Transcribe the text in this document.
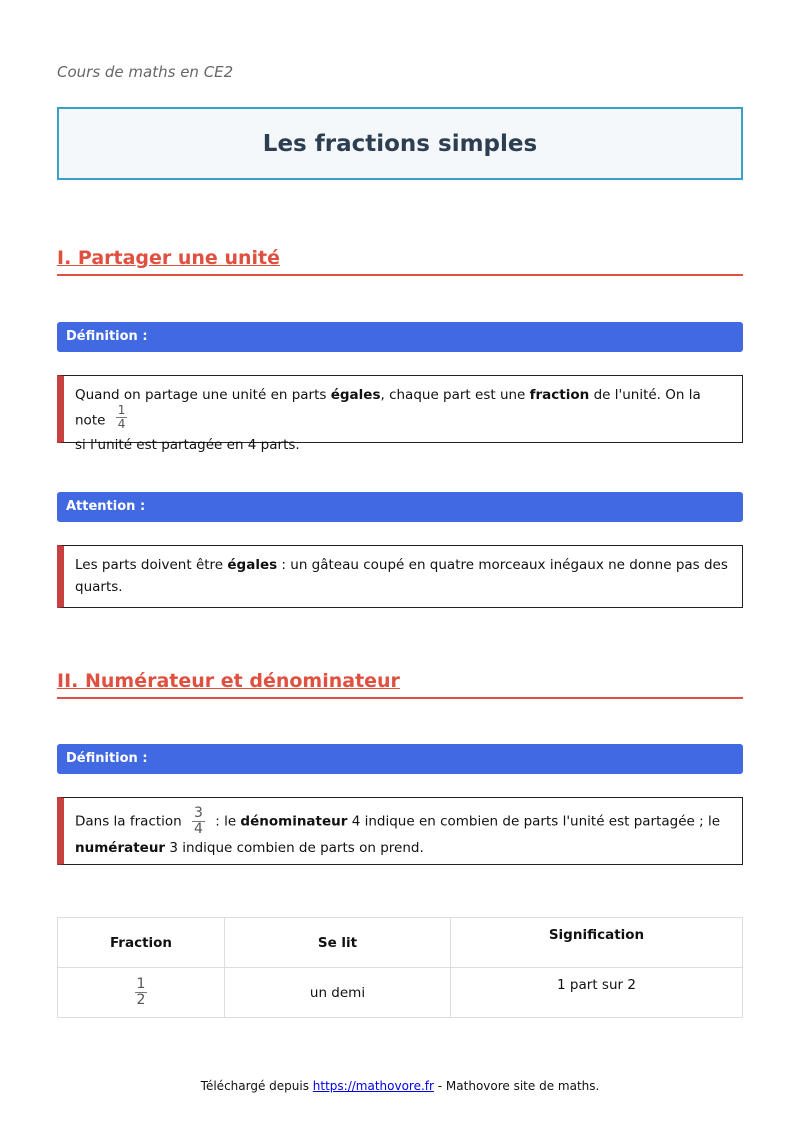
Cours de maths en CE2
Les fractions simples
I. Partager une unité
Définition :
Quand on partage une unité en parts égales, chaque part est une fraction de l'unité. On la note $\frac{1}{4}$

si l'unité est partagée en 4 parts.
Attention :
Les parts doivent être égales : un gâteau coupé en quatre morceaux inégaux ne donne pas des quarts.
II. Numérateur et dénominateur
Définition :
Dans la fraction $\frac{3}{4}$ : le dénominateur 4 indique en combien de parts l'unité est partagée ; le
numérateur 3 indique combien de parts on prend.
Fraction	Se lit	Signification

$\frac{1}{2}$	un demi	1 part sur 2
Téléchargé depuis https://mathovore.fr - Mathovore site de maths.
